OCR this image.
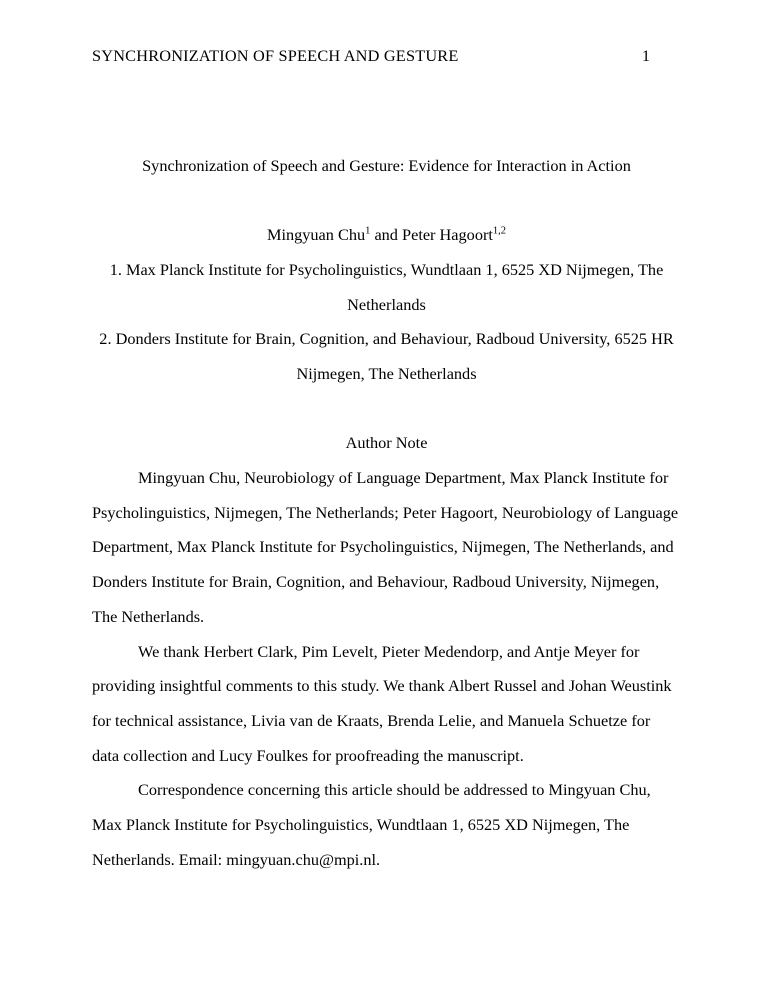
SYNCHRONIZATION OF SPEECH AND GESTURE	1
Synchronization of Speech and Gesture: Evidence for Interaction in Action

Mingyuan Chu$^1$ and Peter Hagoort$^{1,2}$

1. Max Planck Institute for Psycholinguistics, Wundtlaan 1, 6525 XD Nijmegen, The Netherlands

2. Donders Institute for Brain, Cognition, and Behaviour, Radboud University, 6525 HR Nijmegen, The Netherlands

Author Note

Mingyuan Chu, Neurobiology of Language Department, Max Planck Institute for Psycholinguistics, Nijmegen, The Netherlands; Peter Hagoort, Neurobiology of Language Department, Max Planck Institute for Psycholinguistics, Nijmegen, The Netherlands, and Donders Institute for Brain, Cognition, and Behaviour, Radboud University, Nijmegen, The Netherlands.

We thank Herbert Clark, Pim Levelt, Pieter Medendorp, and Antje Meyer for providing insightful comments to this study. We thank Albert Russel and Johan Weustink for technical assistance, Livia van de Kraats, Brenda Lelie, and Manuela Schuetze for data collection and Lucy Foulkes for proofreading the manuscript.

Correspondence concerning this article should be addressed to Mingyuan Chu, Max Planck Institute for Psycholinguistics, Wundtlaan 1, 6525 XD Nijmegen, The Netherlands. Email: mingyuan.chu@mpi.nl.
